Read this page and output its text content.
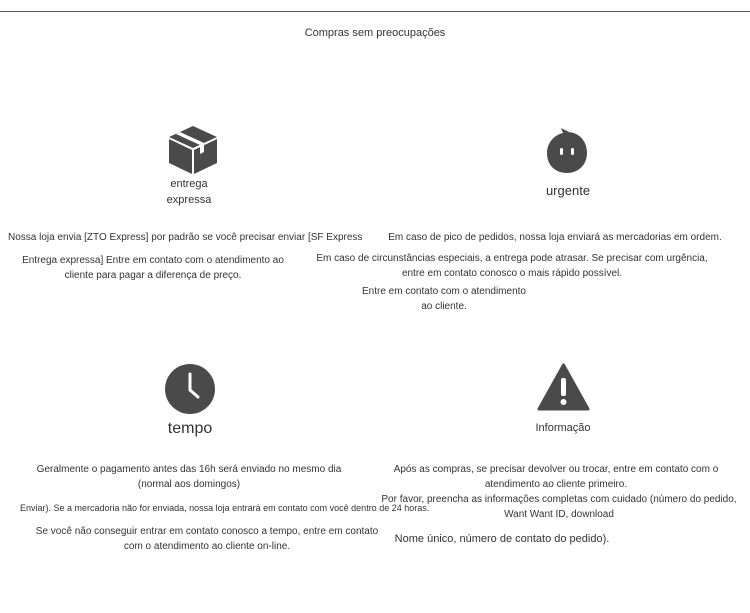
Compras sem preocupações
entrega expressa
Nossa loja envia [ZTO Express] por padrão se você precisar enviar [SF Express
Entrega expressa] Entre em contato com o atendimento ao cliente para pagar a diferença de preço.
urgente
Em caso de pico de pedidos, nossa loja enviará as mercadorias em ordem.
Em caso de circunstâncias especiais, a entrega pode atrasar. Se precisar com urgência, entre em contato conosco o mais rápido possível.
Entre em contato com o atendimento ao cliente.
tempo
Geralmente o pagamento antes das 16h será enviado no mesmo dia (normal aos domingos)
Enviar). Se a mercadoria não for enviada, nossa loja entrará em contato com você dentro de 24 horas.
Se você não conseguir entrar em contato conosco a tempo, entre em contato com o atendimento ao cliente on-line.
Informação
Após as compras, se precisar devolver ou trocar, entre em contato com o atendimento ao cliente primeiro.
Por favor, preencha as informações completas com cuidado (número do pedido, Want Want ID, download
Nome único, número de contato do pedido).
